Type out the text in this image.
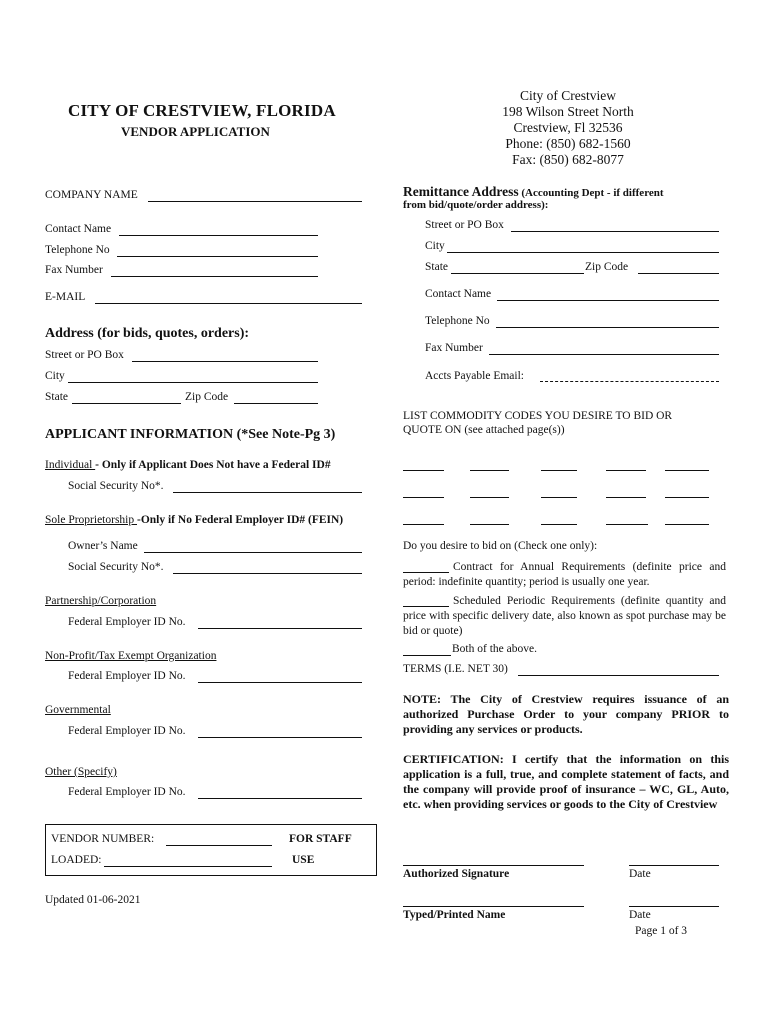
CITY OF CRESTVIEW, FLORIDA
VENDOR APPLICATION
City of Crestview
198 Wilson Street North
Crestview, Fl 32536
Phone: (850) 682-1560
Fax: (850) 682-8077
COMPANY NAME
Contact Name
Telephone No
Fax Number
E-MAIL
Address (for bids, quotes, orders):
Street or PO Box
City
State	Zip Code
APPLICANT INFORMATION (*See Note-Pg 3)
Individual - Only if Applicant Does Not have a Federal ID#
Social Security No*.
Sole Proprietorship -Only if No Federal Employer ID# (FEIN)
Owner’s Name
Social Security No*.
Partnership/Corporation
Federal Employer ID No.
Non-Profit/Tax Exempt Organization
Federal Employer ID No.
Governmental
Federal Employer ID No.
Other (Specify)
Federal Employer ID No.
VENDOR NUMBER:	FOR STAFF
LOADED:	USE
Updated 01-06-2021
Remittance Address (Accounting Dept - if different
from bid/quote/order address):
Street or PO Box
City
State	Zip Code
Contact Name
Telephone No
Fax Number
Accts Payable Email:
LIST COMMODITY CODES YOU DESIRE TO BID OR
QUOTE ON (see attached page(s))
Do you desire to bid on (Check one only):
Contract for Annual Requirements (definite price and period: indefinite quantity; period is usually one year.
Scheduled Periodic Requirements (definite quantity and price with specific delivery date, also known as spot purchase may be bid or quote)
Both of the above.
TERMS (I.E. NET 30)
NOTE: The City of Crestview requires issuance of an authorized Purchase Order to your company PRIOR to providing any services or products.
CERTIFICATION: I certify that the information on this application is a full, true, and complete statement of facts, and the company will provide proof of insurance – WC, GL, Auto, etc. when providing services or goods to the City of Crestview
Authorized Signature	Date
Typed/Printed Name	Date
Page 1 of 3
